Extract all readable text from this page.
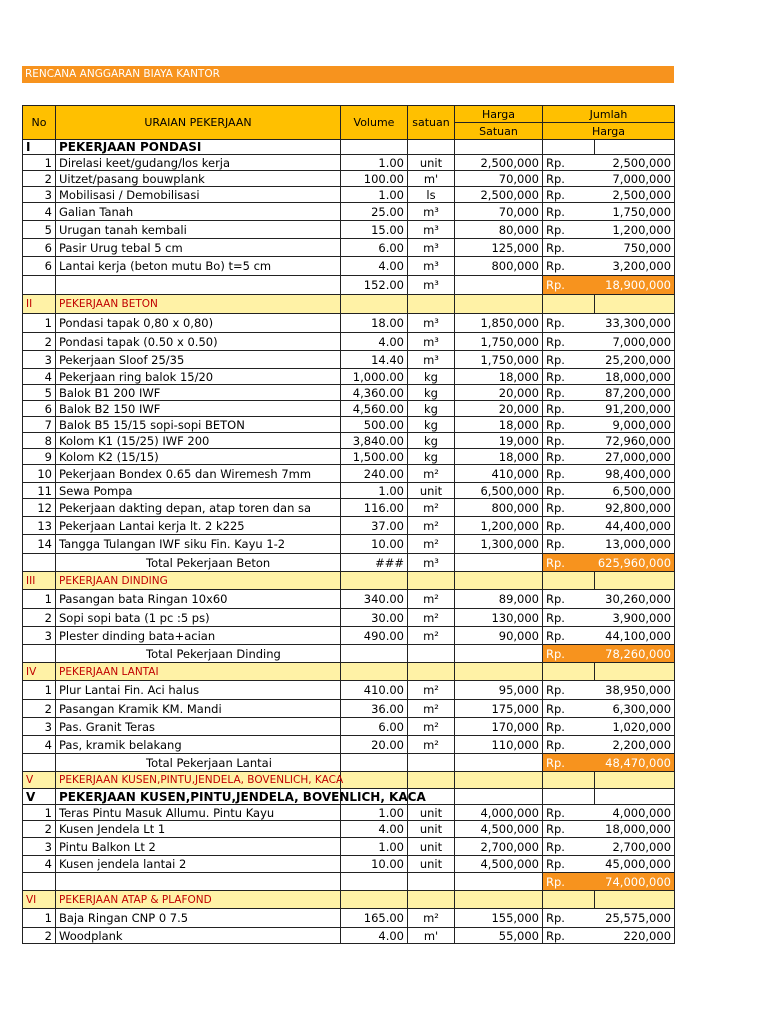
RENCANA ANGGARAN BIAYA KANTOR
No	URAIAN PEKERJAAN	Volume	satuan	Harga	Jumlah	
				Satuan	Harga	
I	PEKERJAAN PONDASI					
1	Direlasi keet/gudang/los kerja	1.00	unit	2,500,000	Rp.	2,500,000
2	Uitzet/pasang bouwplank	100.00	m'	70,000	Rp.	7,000,000
3	Mobilisasi / Demobilisasi	1.00	ls	2,500,000	Rp.	2,500,000
4	Galian Tanah	25.00	m³	70,000	Rp.	1,750,000
5	Urugan tanah kembali	15.00	m³	80,000	Rp.	1,200,000
6	Pasir Urug tebal 5 cm	6.00	m³	125,000	Rp.	750,000
6	Lantai kerja (beton mutu Bo) t=5 cm	4.00	m³	800,000	Rp.	3,200,000
		152.00	m³		Rp.	18,900,000
II	PEKERJAAN BETON					
1	Pondasi tapak 0,80 x 0,80)	18.00	m³	1,850,000	Rp.	33,300,000
2	Pondasi tapak (0.50 x 0.50)	4.00	m³	1,750,000	Rp.	7,000,000
3	Pekerjaan Sloof 25/35	14.40	m³	1,750,000	Rp.	25,200,000
4	Pekerjaan ring balok 15/20	1,000.00	kg	18,000	Rp.	18,000,000
5	Balok B1 200 IWF	4,360.00	kg	20,000	Rp.	87,200,000
6	Balok B2 150 IWF	4,560.00	kg	20,000	Rp.	91,200,000
7	Balok B5 15/15 sopi-sopi BETON	500.00	kg	18,000	Rp.	9,000,000
8	Kolom K1 (15/25) IWF 200	3,840.00	kg	19,000	Rp.	72,960,000
9	Kolom K2 (15/15)	1,500.00	kg	18,000	Rp.	27,000,000
10	Pekerjaan Bondex 0.65 dan Wiremesh 7mm	240.00	m²	410,000	Rp.	98,400,000
11	Sewa Pompa	1.00	unit	6,500,000	Rp.	6,500,000
12	Pekerjaan dakting depan, atap toren dan sa	116.00	m²	800,000	Rp.	92,800,000
13	Pekerjaan Lantai kerja lt. 2 k225	37.00	m²	1,200,000	Rp.	44,400,000
14	Tangga Tulangan IWF siku Fin. Kayu 1-2	10.00	m²	1,300,000	Rp.	13,000,000
	Total Pekerjaan Beton	###	m³		Rp.	625,960,000
III	PEKERJAAN DINDING					
1	Pasangan bata Ringan 10x60	340.00	m²	89,000	Rp.	30,260,000
2	Sopi sopi bata (1 pc :5 ps)	30.00	m²	130,000	Rp.	3,900,000
3	Plester dinding bata+acian	490.00	m²	90,000	Rp.	44,100,000
	Total Pekerjaan Dinding				Rp.	78,260,000
IV	PEKERJAAN LANTAI					
1	Plur Lantai Fin. Aci halus	410.00	m²	95,000	Rp.	38,950,000
2	Pasangan Kramik KM. Mandi	36.00	m²	175,000	Rp.	6,300,000
3	Pas. Granit Teras	6.00	m²	170,000	Rp.	1,020,000
4	Pas, kramik belakang	20.00	m²	110,000	Rp.	2,200,000
	Total Pekerjaan Lantai				Rp.	48,470,000
V	PEKERJAAN KUSEN,PINTU,JENDELA, BOVENLICH, KACA					
V	PEKERJAAN KUSEN,PINTU,JENDELA, BOVENLICH, KACA					
1	Teras Pintu Masuk Allumu. Pintu Kayu	1.00	unit	4,000,000	Rp.	4,000,000
2	Kusen Jendela Lt 1	4.00	unit	4,500,000	Rp.	18,000,000
3	Pintu Balkon Lt 2	1.00	unit	2,700,000	Rp.	2,700,000
4	Kusen jendela lantai 2	10.00	unit	4,500,000	Rp.	45,000,000
					Rp.	74,000,000
VI	PEKERJAAN ATAP & PLAFOND					
1	Baja Ringan CNP 0 7.5	165.00	m²	155,000	Rp.	25,575,000
2	Woodplank	4.00	m'	55,000	Rp.	220,000
